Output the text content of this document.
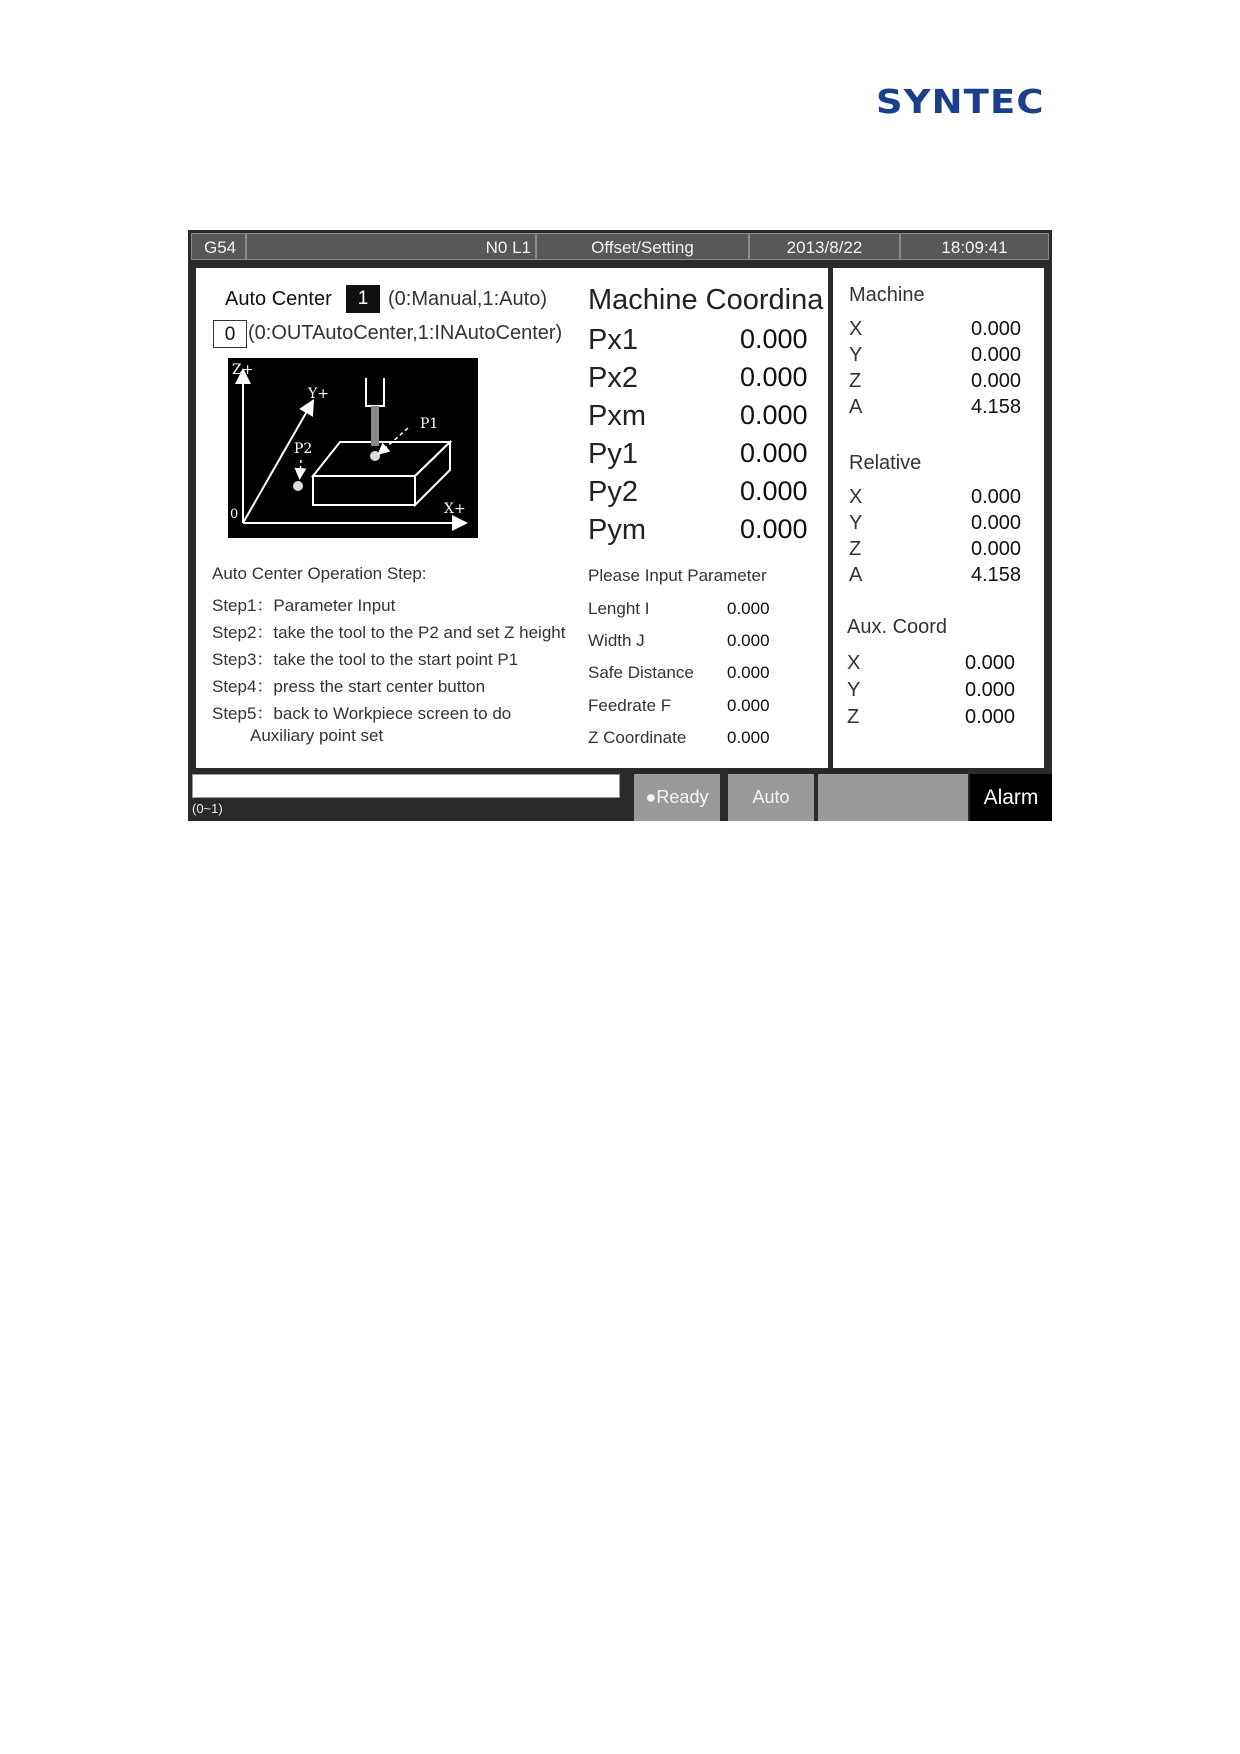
SYNTEC
G54	N0 L1	Offset/Setting	2013/8/22	18:09:41
Auto Center	1 (0:Manual,1:Auto)
0 (0:OUTAutoCenter,1:INAutoCenter)
Z+
Y+
X+
0
P1
P2
Auto Center Operation Step:
Step1：Parameter Input
Step2：take the tool to the P2 and set Z height
Step3：take the tool to the start point P1
Step4：press the start center button
Step5：back to Workpiece screen to do
Auxiliary point set
Machine Coordina
Px1	0.000
Px2	0.000
Pxm	0.000
Py1	0.000
Py2	0.000
Pym	0.000
Please Input Parameter
Lenght I	0.000
Width J	0.000
Safe Distance 0.000
Feedrate F	0.000
Z Coordinate 0.000
Machine
X	0.000
Y	0.000
Z	0.000
A	4.158
Relative
X	0.000
Y	0.000
Z	0.000
A	4.158
Aux. Coord
X	0.000
Y	0.000
Z	0.000
(0~1)
●Ready	Auto	Alarm
